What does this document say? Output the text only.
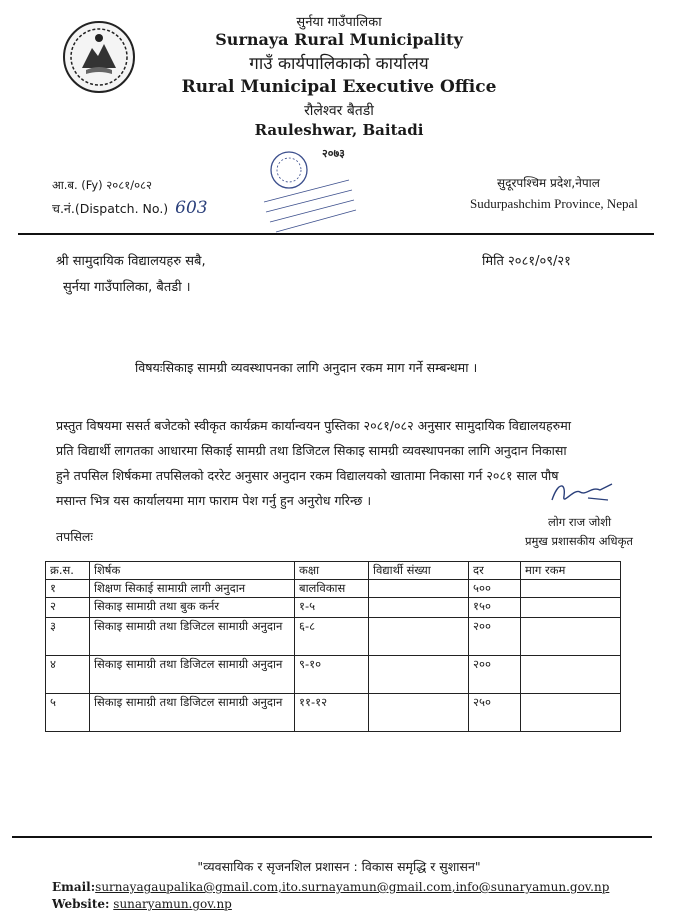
सुर्नया गाउँपालिका
Surnaya Rural Municipality
गाउँ कार्यपालिकाको कार्यालय
Rural Municipal Executive Office
रौलेश्वर बैतडी
Rauleshwar, Baitadi
२०७३
आ.ब. (Fy) २०८१/०८२
च.नं.(Dispatch. No.) 603
सुदूरपश्चिम प्रदेश,नेपाल
Sudurpashchim Province, Nepal
श्री सामुदायिक विद्यालयहरु सबै,
सुर्नया गाउँपालिका, बैतडी ।
मिति २०८१/०९/२१
विषयःसिकाइ सामग्री व्यवस्थापनका लागि अनुदान रकम माग गर्ने सम्बन्धमा ।
प्रस्तुत विषयमा ससर्त बजेटको स्वीकृत कार्यक्रम कार्यान्वयन पुस्तिका २०८१/०८२ अनुसार सामुदायिक विद्यालयहरुमा
प्रति विद्यार्थी लागतका आधारमा सिकाई सामग्री तथा डिजिटल सिकाइ सामग्री व्यवस्थापनका लागि अनुदान निकासा
हुने तपसिल शिर्षकमा तपसिलको दररेट अनुसार अनुदान रकम विद्यालयको खातामा निकासा गर्न २०८१ साल पौष
मसान्त भित्र यस कार्यालयमा माग फाराम पेश गर्नु हुन अनुरोध गरिन्छ ।
लोग राज जोशी
प्रमुख प्रशासकीय अधिकृत
तपसिलः
क्र.स.	शिर्षक	कक्षा	विद्यार्थी संख्या	दर	माग रकम
१	शिक्षण सिकाई सामाग्री लागी अनुदान	बालविकास		५००	
२	सिकाइ सामाग्री तथा बुक कर्नर	१-५		१५०	
३	सिकाइ सामाग्री तथा डिजिटल सामाग्री अनुदान	६-८		२००	
४	सिकाइ सामाग्री तथा डिजिटल सामाग्री अनुदान	९-१०		२००	
५	सिकाइ सामाग्री तथा डिजिटल सामाग्री अनुदान	११-१२		२५०	
"व्यवसायिक र सृजनशिल प्रशासन : विकास समृद्धि र सुशासन"
Email:surnayagaupalika@gmail.com,ito.surnayamun@gmail.com,info@sunaryamun.gov.np
Website: sunaryamun.gov.np
